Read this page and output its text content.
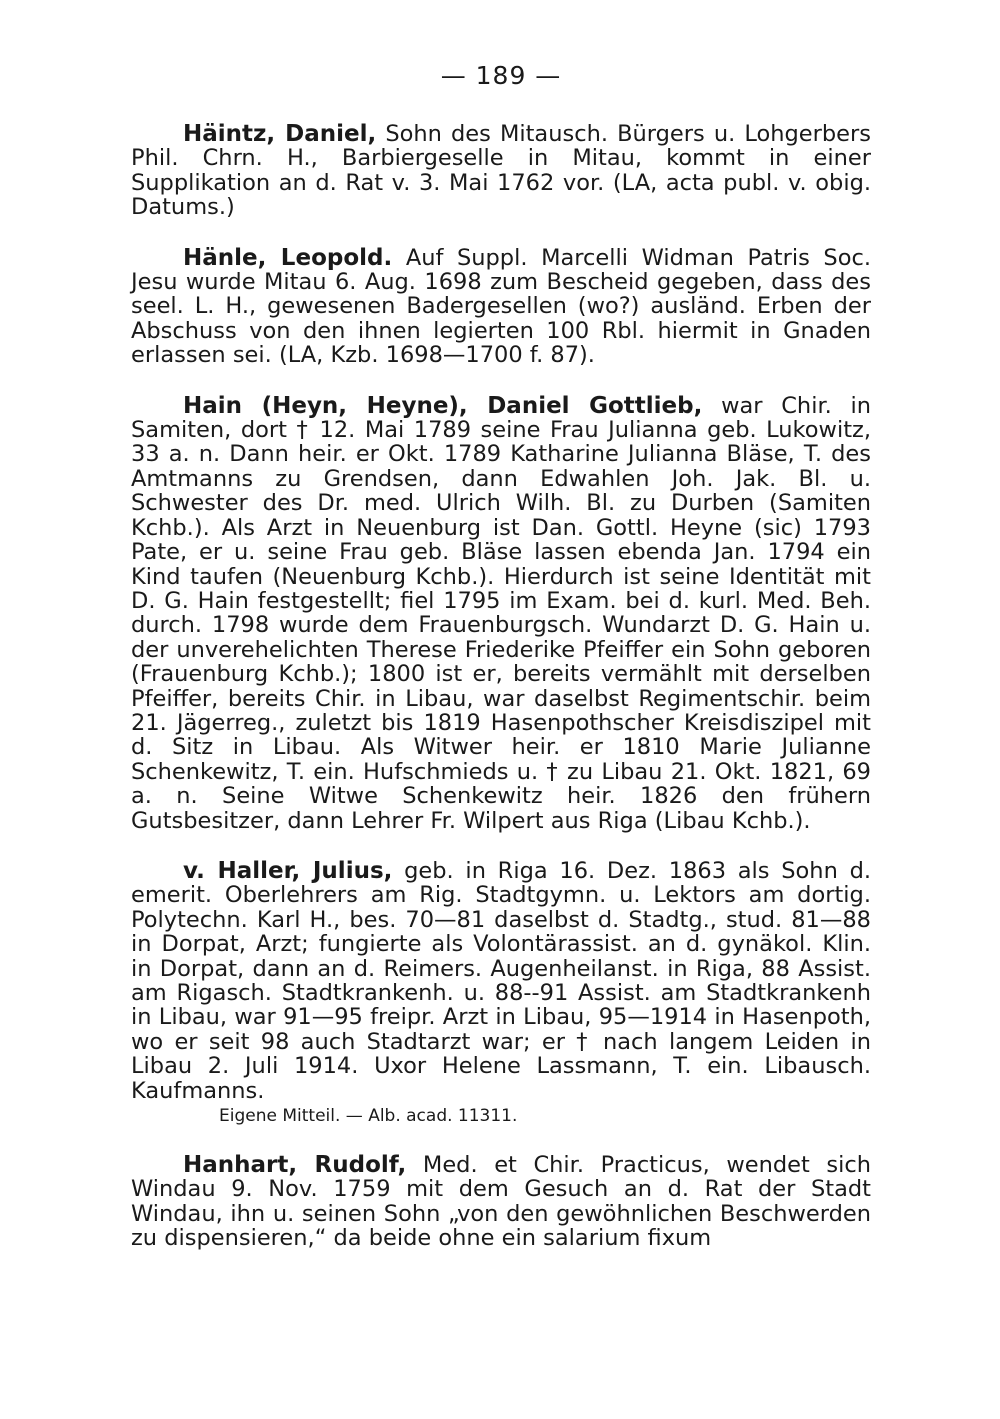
— 189 —
Häintz, Daniel, Sohn des Mitausch. Bürgers u. Lohgerbers Phil. Chrn. H., Barbiergeselle in Mitau, kommt in einer Supplikation an d. Rat v. 3. Mai 1762 vor. (LA, acta publ. v. obig. Datums.)
Hänle, Leopold. Auf Suppl. Marcelli Widman Patris Soc. Jesu wurde Mitau 6. Aug. 1698 zum Bescheid gegeben, dass des seel. L. H., gewesenen Badergesellen (wo?) ausländ. Erben der Abschuss von den ihnen legierten 100 Rbl. hiermit in Gnaden erlassen sei. (LA, Kzb. 1698—1700 f. 87).
Hain (Heyn, Heyne), Daniel Gottlieb, war Chir. in Samiten, dort † 12. Mai 1789 seine Frau Julianna geb. Lukowitz, 33 a. n. Dann heir. er Okt. 1789 Katharine Julianna Bläse, T. des Amtmanns zu Grendsen, dann Edwahlen Joh. Jak. Bl. u. Schwester des Dr. med. Ulrich Wilh. Bl. zu Durben (Samiten Kchb.). Als Arzt in Neuenburg ist Dan. Gottl. Heyne (sic) 1793 Pate, er u. seine Frau geb. Bläse lassen ebenda Jan. 1794 ein Kind taufen (Neuenburg Kchb.). Hierdurch ist seine Identität mit D. G. Hain festgestellt; fiel 1795 im Exam. bei d. kurl. Med. Beh. durch. 1798 wurde dem Frauenburgsch. Wundarzt D. G. Hain u. der unverehelichten Therese Friederike Pfeiffer ein Sohn geboren (Frauenburg Kchb.); 1800 ist er, bereits vermählt mit derselben Pfeiffer, bereits Chir. in Libau, war daselbst Regimentschir. beim 21. Jägerreg., zuletzt bis 1819 Hasenpothscher Kreisdiszipel mit d. Sitz in Libau. Als Witwer heir. er 1810 Marie Julianne Schenkewitz, T. ein. Hufschmieds u. † zu Libau 21. Okt. 1821, 69 a. n. Seine Witwe Schenkewitz heir. 1826 den frühern Gutsbesitzer, dann Lehrer Fr. Wilpert aus Riga (Libau Kchb.).
v. Haller, Julius, geb. in Riga 16. Dez. 1863 als Sohn d. emerit. Oberlehrers am Rig. Stadtgymn. u. Lektors am dortig. Polytechn. Karl H., bes. 70—81 daselbst d. Stadtg., stud. 81—88 in Dorpat, Arzt; fungierte als Volontärassist. an d. gynäkol. Klin. in Dorpat, dann an d. Reimers. Augenheilanst. in Riga, 88 Assist. am Rigasch. Stadtkrankenh. u. 88--91 Assist. am Stadtkrankenh in Libau, war 91—95 freipr. Arzt in Libau, 95—1914 in Hasenpoth, wo er seit 98 auch Stadtarzt war; er † nach langem Leiden in Libau 2. Juli 1914. Uxor Helene Lassmann, T. ein. Libausch. Kaufmanns.
Eigene Mitteil. — Alb. acad. 11311.
Hanhart, Rudolf, Med. et Chir. Practicus, wendet sich Windau 9. Nov. 1759 mit dem Gesuch an d. Rat der Stadt Windau, ihn u. seinen Sohn „von den gewöhnlichen Beschwerden zu dispensieren,“ da beide ohne ein salarium fixum
